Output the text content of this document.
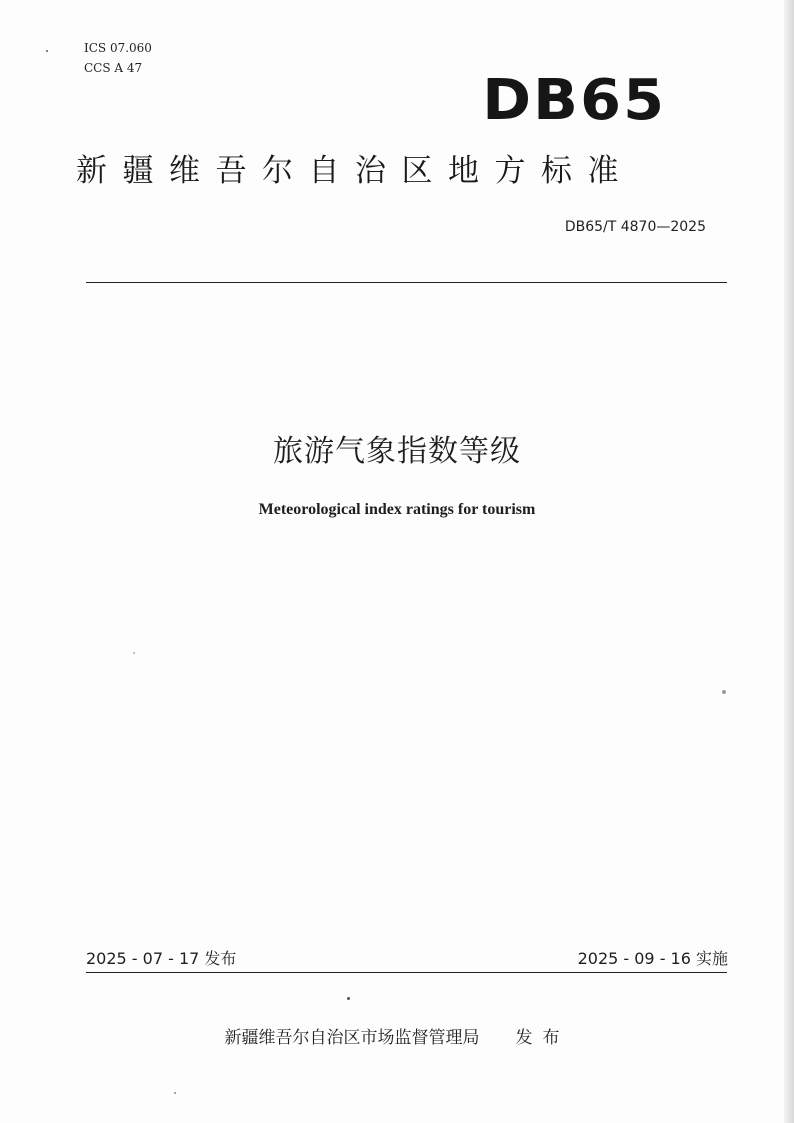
ICS 07.060
CCS A 47	DB65
新疆维吾尔自治区地方标准
DB65/T 4870—2025
旅游气象指数等级
Meteorological index ratings for tourism
2025 - 07 - 17 发布	2025 - 09 - 16 实施
新疆维吾尔自治区市场监督管理局 发布
